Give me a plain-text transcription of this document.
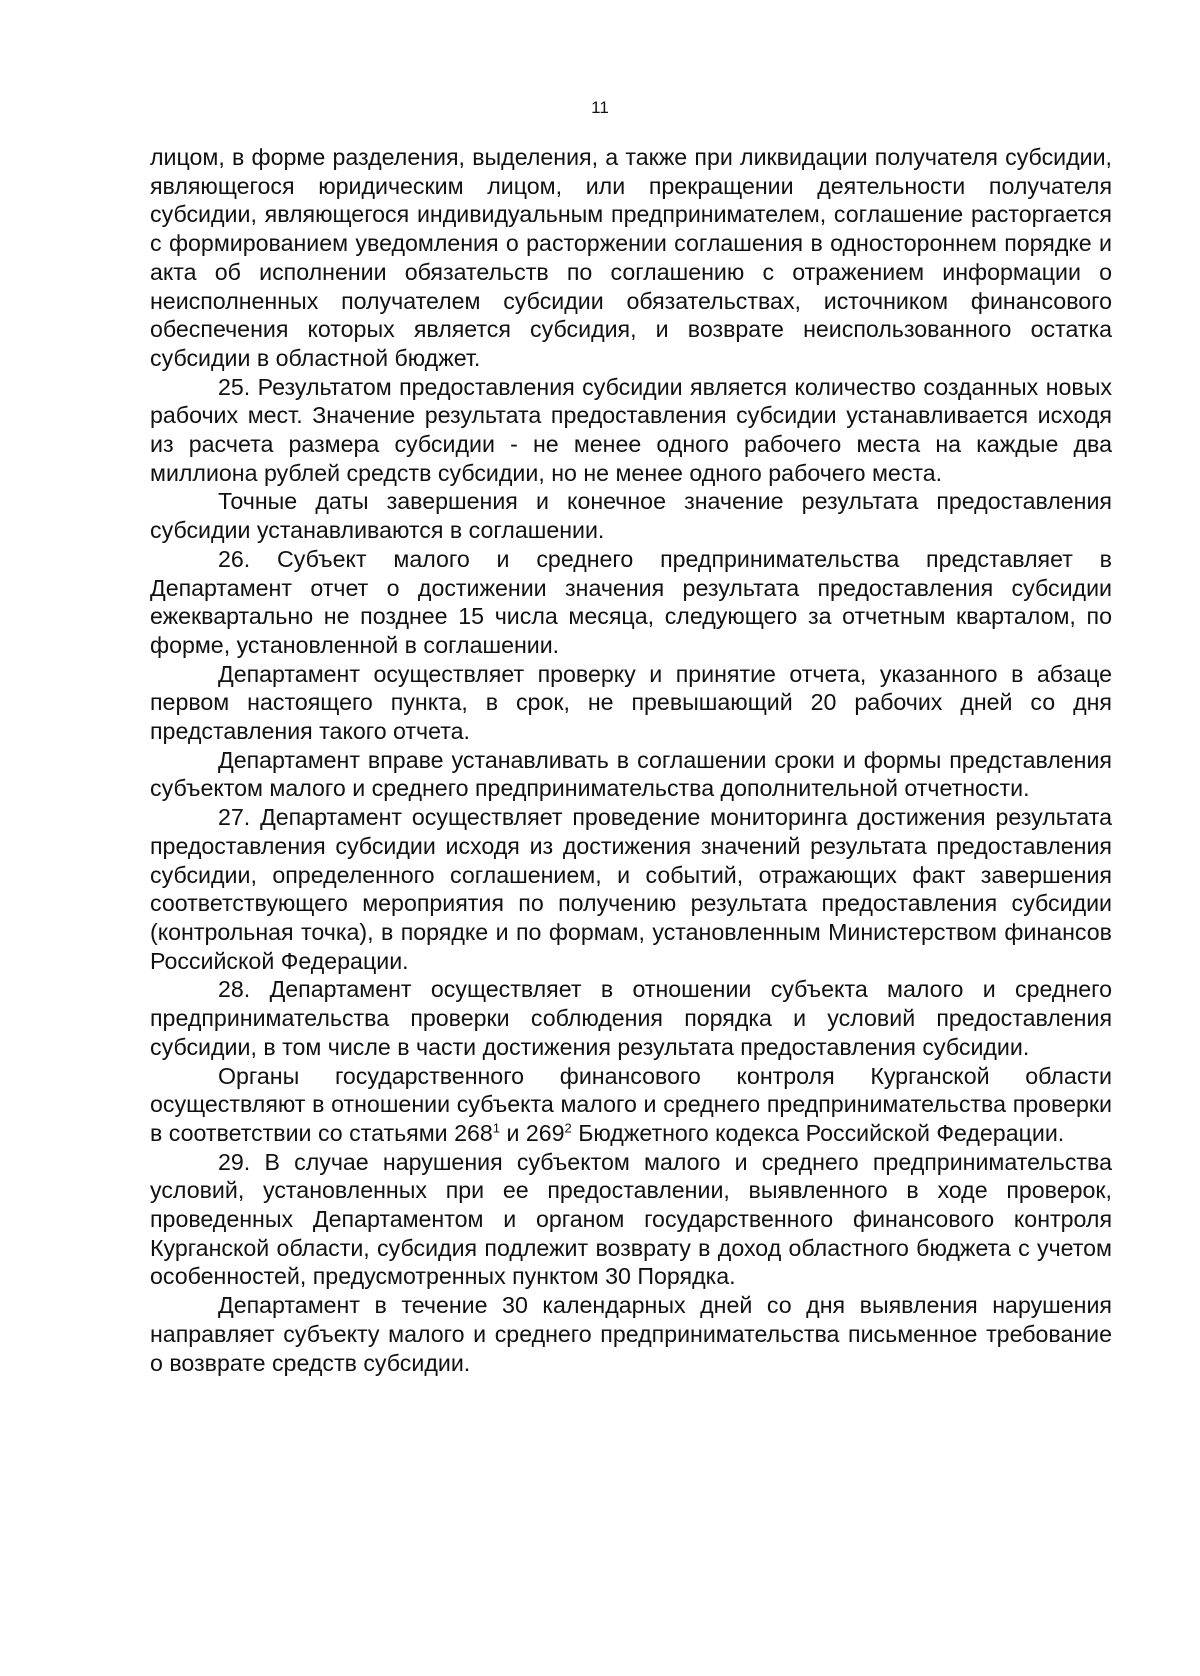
11

лицом, в форме разделения, выделения, а также при ликвидации получателя субсидии, являющегося юридическим лицом, или прекращении деятельности получателя субсидии, являющегося индивидуальным предпринимателем, соглашение расторгается с формированием уведомления о расторжении соглашения в одностороннем порядке и акта об исполнении обязательств по соглашению с отражением информации о неисполненных получателем субсидии обязательствах, источником финансового обеспечения которых является субсидия, и возврате неиспользованного остатка субсидии в областной бюджет.

25. Результатом предоставления субсидии является количество созданных новых рабочих мест. Значение результата предоставления субсидии устанавливается исходя из расчета размера субсидии - не менее одного рабочего места на каждые два миллиона рублей средств субсидии, но не менее одного рабочего места.

Точные даты завершения и конечное значение результата предоставления субсидии устанавливаются в соглашении.

26. Субъект малого и среднего предпринимательства представляет в Департамент отчет о достижении значения результата предоставления субсидии ежеквартально не позднее 15 числа месяца, следующего за отчетным кварталом, по форме, установленной в соглашении.

Департамент осуществляет проверку и принятие отчета, указанного в абзаце первом настоящего пункта, в срок, не превышающий 20 рабочих дней со дня представления такого отчета.

Департамент вправе устанавливать в соглашении сроки и формы представления субъектом малого и среднего предпринимательства дополнительной отчетности.

27. Департамент осуществляет проведение мониторинга достижения результата предоставления субсидии исходя из достижения значений результата предоставления субсидии, определенного соглашением, и событий, отражающих факт завершения соответствующего мероприятия по получению результата предоставления субсидии (контрольная точка), в порядке и по формам, установленным Министерством финансов Российской Федерации.

28. Департамент осуществляет в отношении субъекта малого и среднего предпринимательства проверки соблюдения порядка и условий предоставления субсидии, в том числе в части достижения результата предоставления субсидии.

Органы государственного финансового контроля Курганской области осуществляют в отношении субъекта малого и среднего предпринимательства проверки в соответствии со статьями $268^1$ и $269^2$ Бюджетного кодекса Российской Федерации.

29. В случае нарушения субъектом малого и среднего предпринимательства условий, установленных при ее предоставлении, выявленного в ходе проверок, проведенных Департаментом и органом государственного финансового контроля Курганской области, субсидия подлежит возврату в доход областного бюджета с учетом особенностей, предусмотренных пунктом 30 Порядка.

Департамент в течение 30 календарных дней со дня выявления нарушения направляет субъекту малого и среднего предпринимательства письменное требование о возврате средств субсидии.
